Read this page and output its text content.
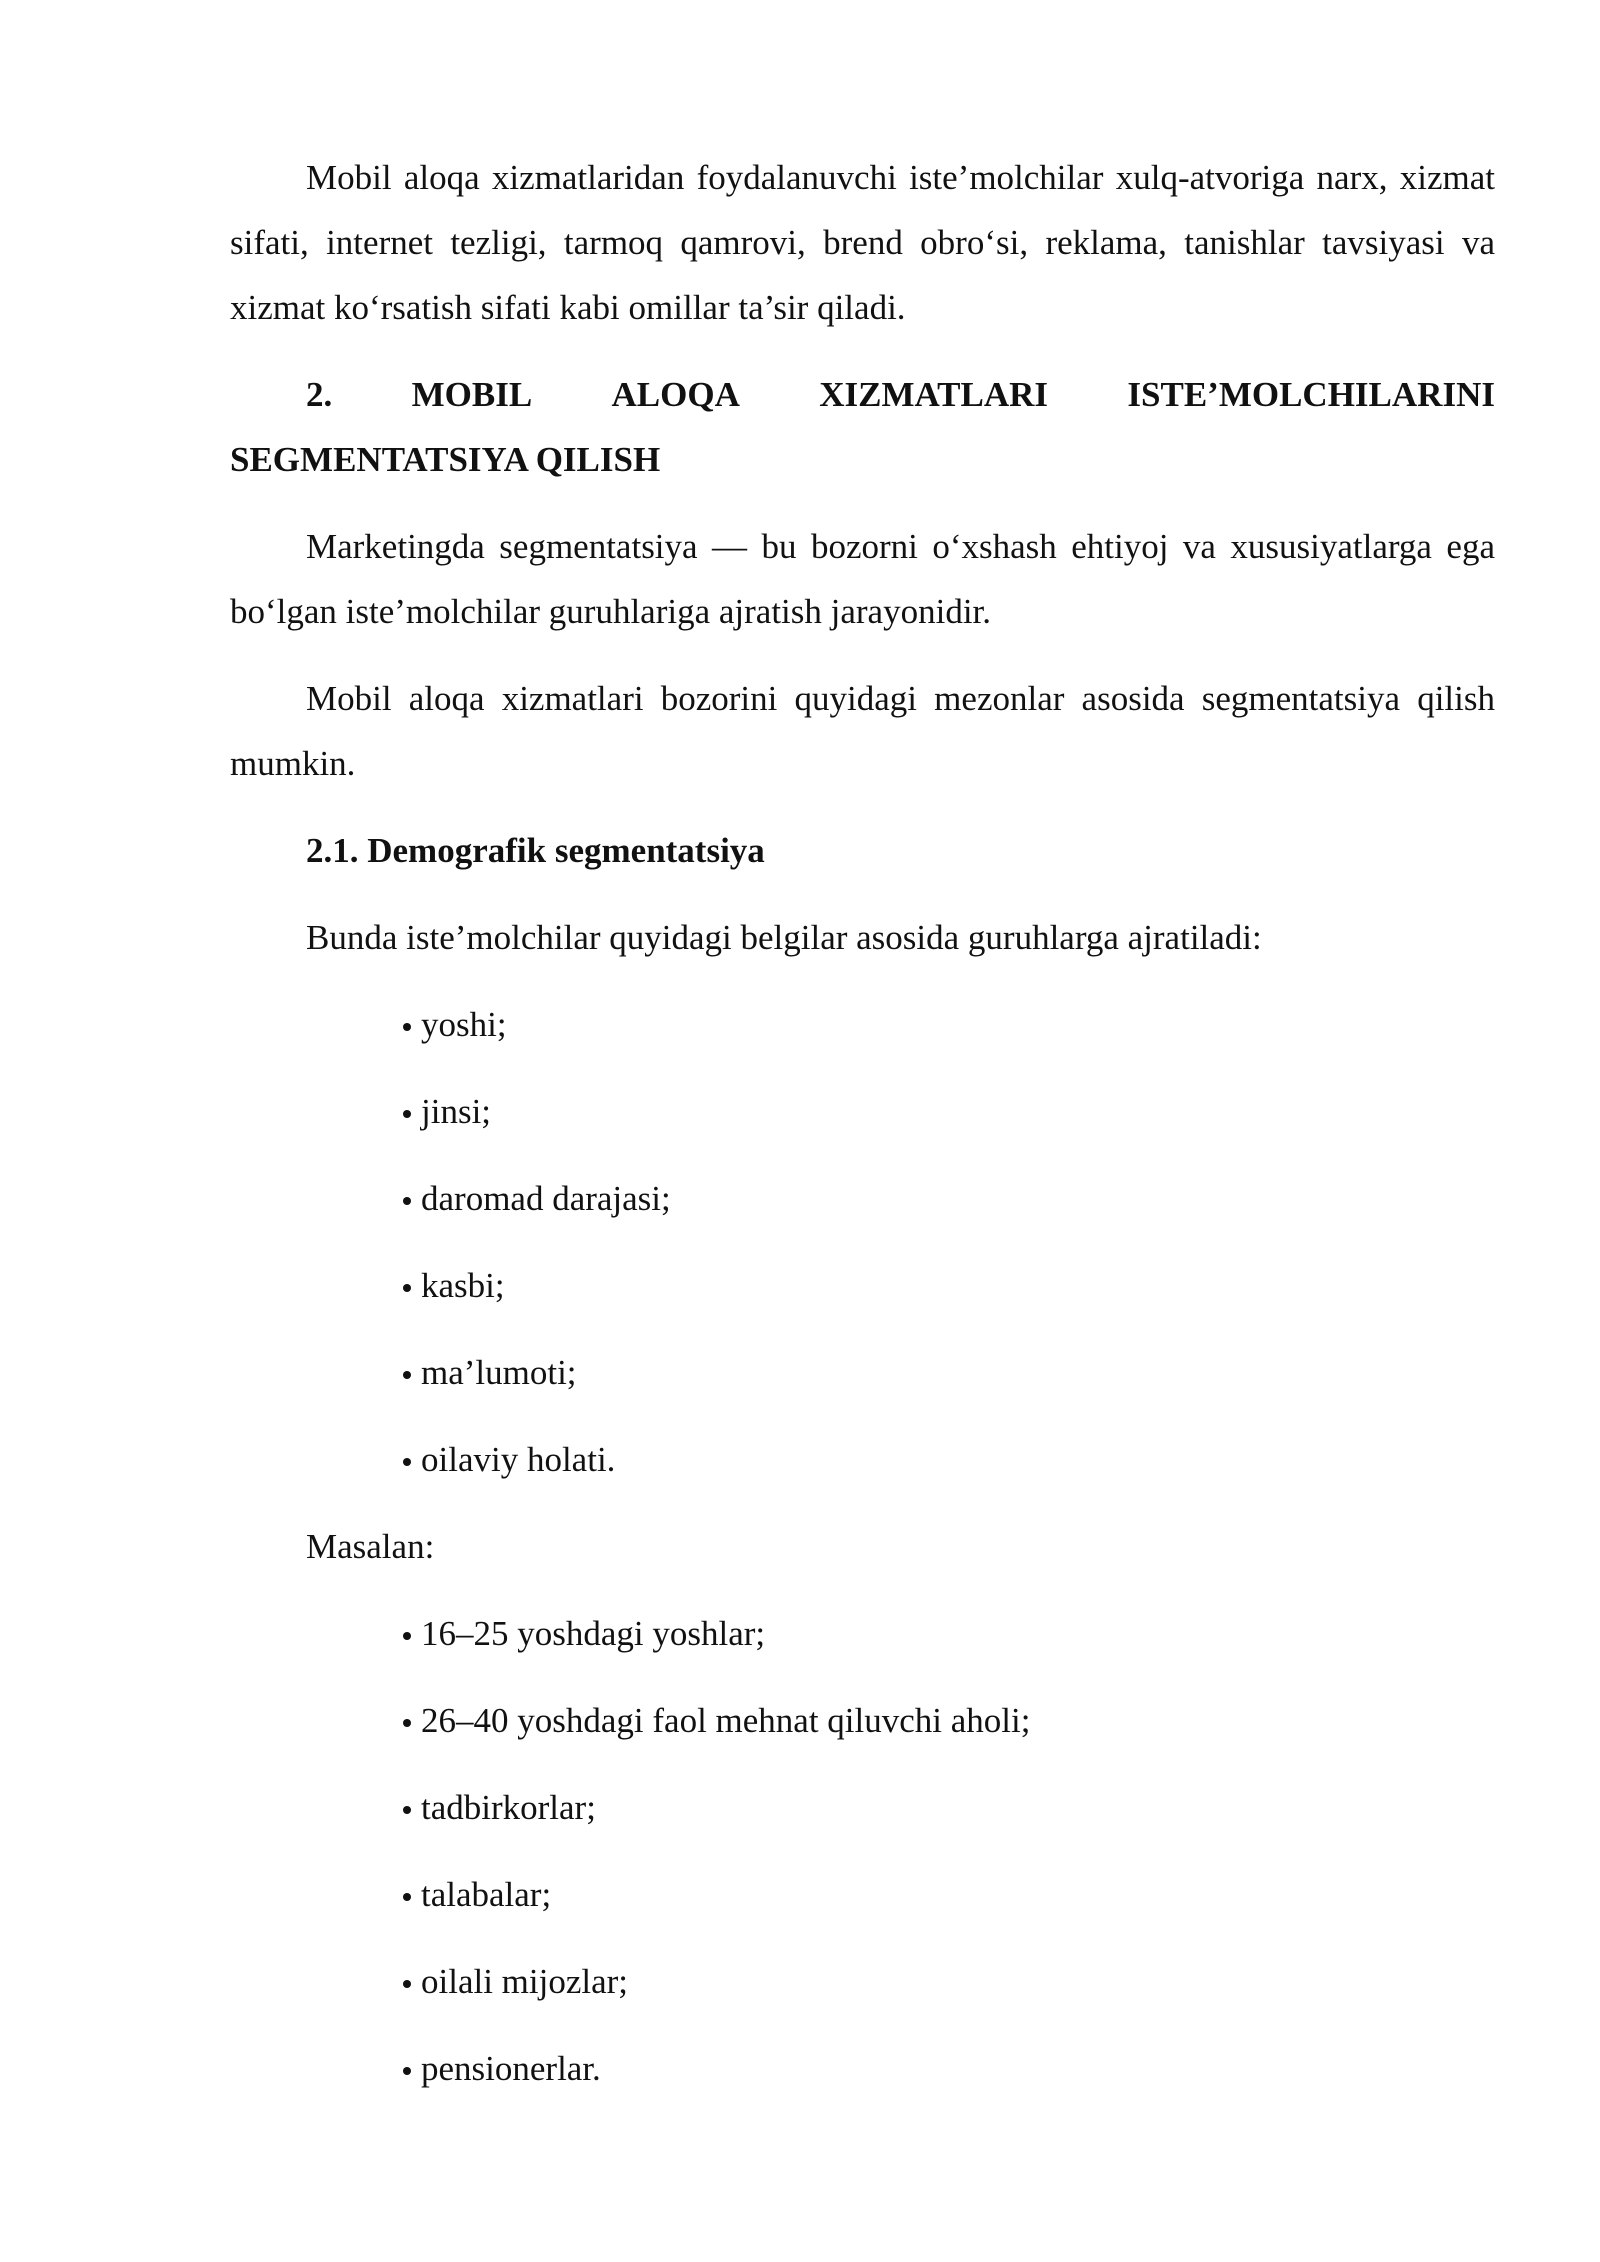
Mobil aloqa xizmatlaridan foydalanuvchi iste’molchilar xulq-atvoriga narx, xizmat sifati, internet tezligi, tarmoq qamrovi, brend obro‘si, reklama, tanishlar tavsiyasi va xizmat ko‘rsatish sifati kabi omillar ta’sir qiladi.

2. MOBIL ALOQA XIZMATLARI ISTE’MOLCHILARINI
SEGMENTATSIYA QILISH

Marketingda segmentatsiya — bu bozorni o‘xshash ehtiyoj va xususiyatlarga ega bo‘lgan iste’molchilar guruhlariga ajratish jarayonidir.

Mobil aloqa xizmatlari bozorini quyidagi mezonlar asosida segmentatsiya qilish mumkin.

2.1. Demografik segmentatsiya

Bunda iste’molchilar quyidagi belgilar asosida guruhlarga ajratiladi:

yoshi;
jinsi;
daromad darajasi;
kasbi;
ma’lumoti;
oilaviy holati.

Masalan:

16–25 yoshdagi yoshlar;
26–40 yoshdagi faol mehnat qiluvchi aholi;
tadbirkorlar;
talabalar;
oilali mijozlar;
pensionerlar.
